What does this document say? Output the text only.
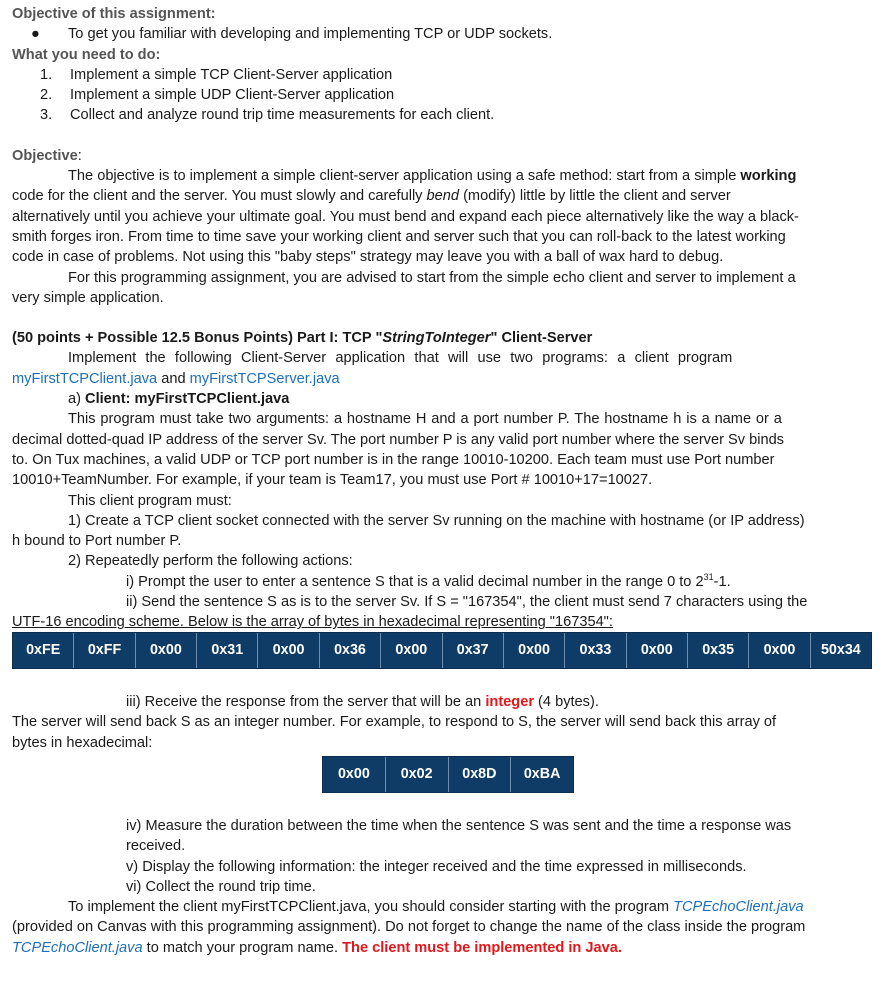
Objective of this assignment:
● To get you familiar with developing and implementing TCP or UDP sockets.
What you need to do:
1. Implement a simple TCP Client-Server application
2. Implement a simple UDP Client-Server application
3. Collect and analyze round trip time measurements for each client.
Objective:
The objective is to implement a simple client-server application using a safe method: start from a simple working
code for the client and the server. You must slowly and carefully bend (modify) little by little the client and server
alternatively until you achieve your ultimate goal. You must bend and expand each piece alternatively like the way a black-
smith forges iron. From time to time save your working client and server such that you can roll-back to the latest working
code in case of problems. Not using this "baby steps" strategy may leave you with a ball of wax hard to debug.
For this programming assignment, you are advised to start from the simple echo client and server to implement a
very simple application.
(50 points + Possible 12.5 Bonus Points) Part I: TCP "StringToInteger" Client-Server
Implement the following Client-Server application that will use two programs: a client program
myFirstTCPClient.java and myFirstTCPServer.java
a) Client: myFirstTCPClient.java
This program must take two arguments: a hostname H and a port number P. The hostname h is a name or a
decimal dotted-quad IP address of the server Sv. The port number P is any valid port number where the server Sv binds
to. On Tux machines, a valid UDP or TCP port number is in the range 10010-10200. Each team must use Port number
10010+TeamNumber. For example, if your team is Team17, you must use Port # 10010+17=10027.
This client program must:
1) Create a TCP client socket connected with the server Sv running on the machine with hostname (or IP address)
h bound to Port number P.
2) Repeatedly perform the following actions:
i) Prompt the user to enter a sentence S that is a valid decimal number in the range 0 to $2^{31}-1$.
ii) Send the sentence S as is to the server Sv. If S = "167354", the client must send 7 characters using the
UTF-16 encoding scheme. Below is the array of bytes in hexadecimal representing "167354":
0xFE	0xFF	0x00	0x31	0x00	0x36	0x00	0x37	0x00	0x33	0x00	0x35	0x00	50x34
iii) Receive the response from the server that will be an integer (4 bytes).
The server will send back S as an integer number. For example, to respond to S, the server will send back this array of
bytes in hexadecimal:
0x00	0x02	0x8D	0xBA
iv) Measure the duration between the time when the sentence S was sent and the time a response was
received.
v) Display the following information: the integer received and the time expressed in milliseconds.
vi) Collect the round trip time.
To implement the client myFirstTCPClient.java, you should consider starting with the program TCPEchoClient.java
(provided on Canvas with this programming assignment). Do not forget to change the name of the class inside the program
TCPEchoClient.java to match your program name. The client must be implemented in Java.
